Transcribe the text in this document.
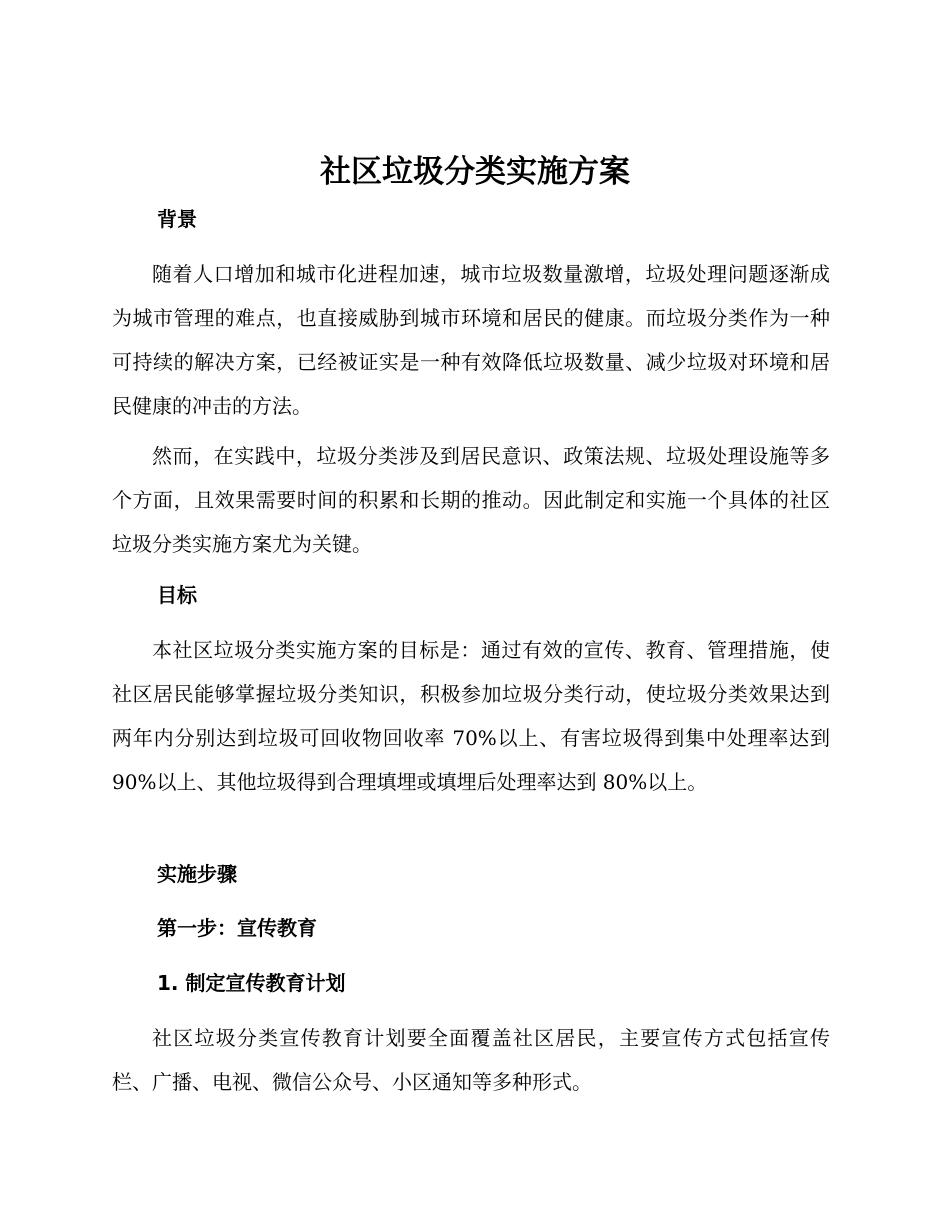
社区垃圾分类实施方案
背景

随着人口增加和城市化进程加速，城市垃圾数量激增，垃圾处理问题逐渐成为城市管理的难点，也直接威胁到城市环境和居民的健康。而垃圾分类作为一种可持续的解决方案，已经被证实是一种有效降低垃圾数量、减少垃圾对环境和居民健康的冲击的方法。

然而，在实践中，垃圾分类涉及到居民意识、政策法规、垃圾处理设施等多个方面，且效果需要时间的积累和长期的推动。因此制定和实施一个具体的社区垃圾分类实施方案尤为关键。

目标

本社区垃圾分类实施方案的目标是：通过有效的宣传、教育、管理措施，使社区居民能够掌握垃圾分类知识，积极参加垃圾分类行动，使垃圾分类效果达到两年内分别达到垃圾可回收物回收率 70%以上、有害垃圾得到集中处理率达到 90%以上、其他垃圾得到合理填埋或填埋后处理率达到 80%以上。

实施步骤
第一步：宣传教育
1. 制定宣传教育计划

社区垃圾分类宣传教育计划要全面覆盖社区居民，主要宣传方式包括宣传栏、广播、电视、微信公众号、小区通知等多种形式。
